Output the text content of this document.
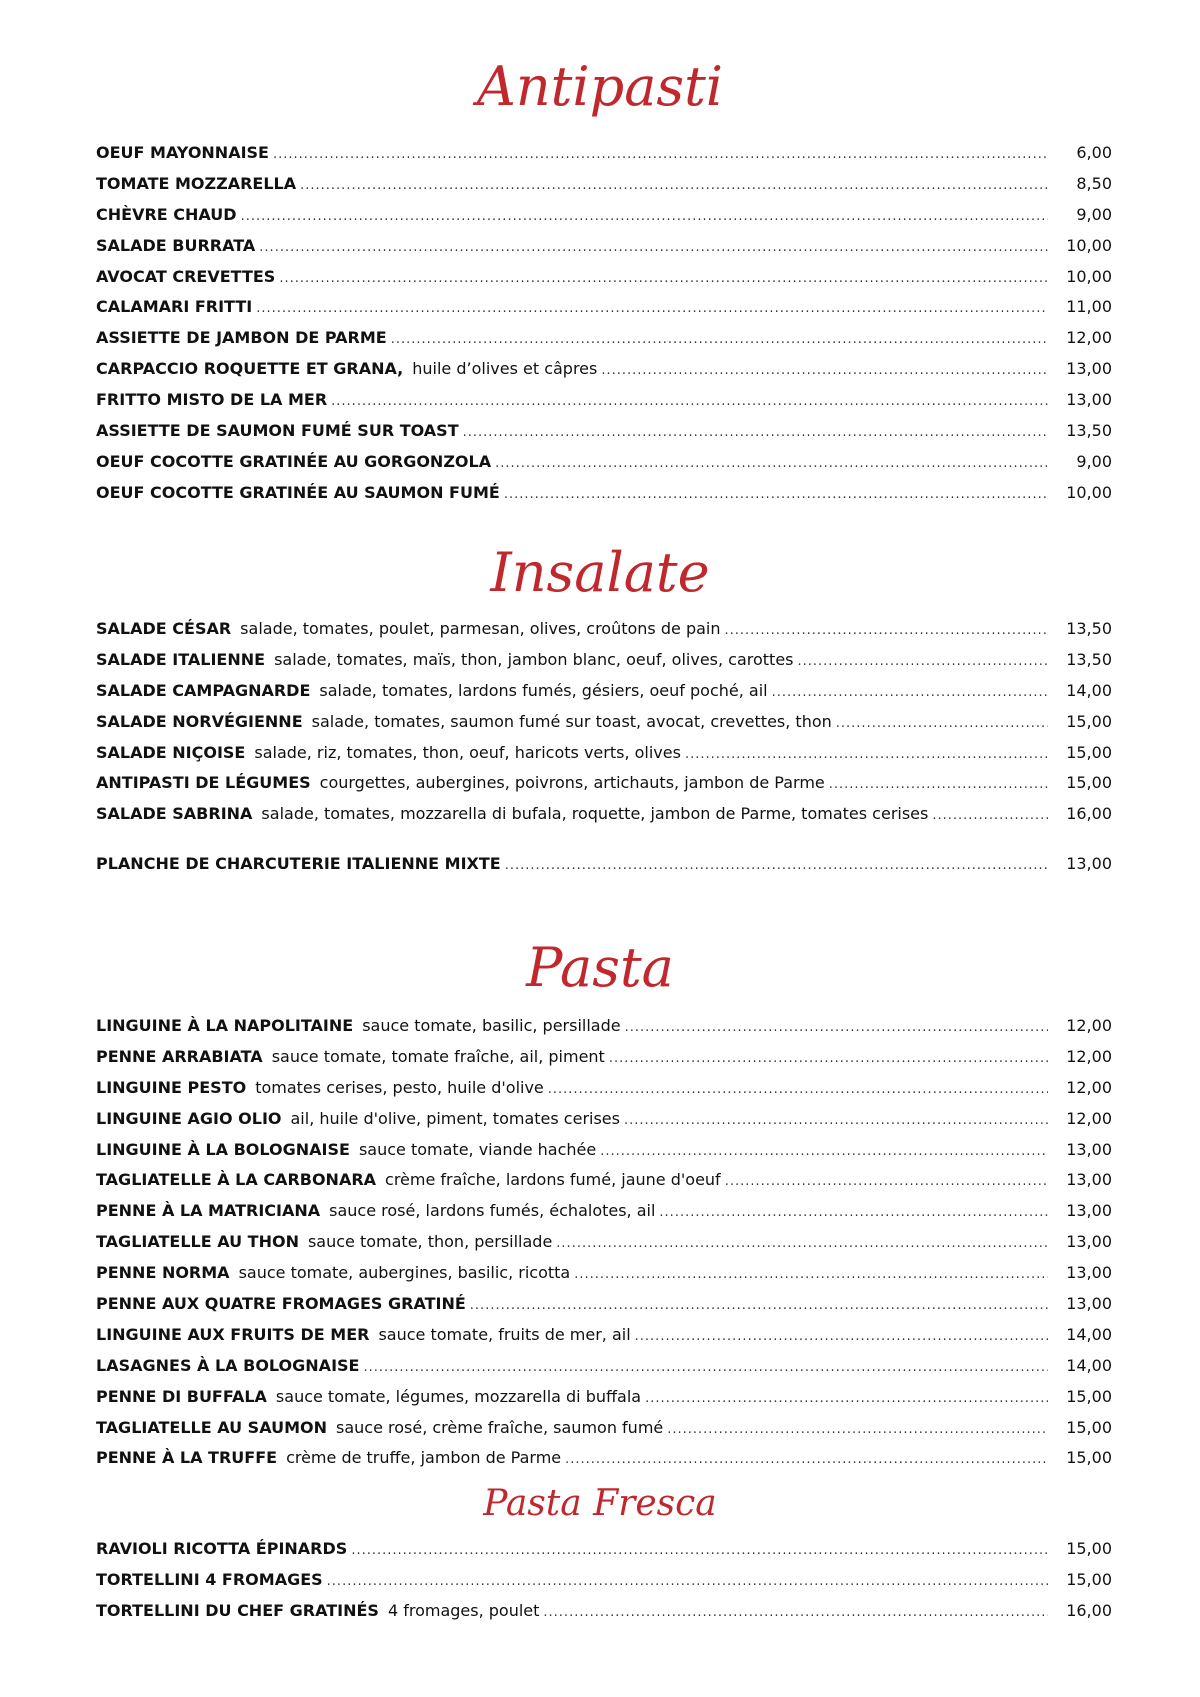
Antipasti
OEUF MAYONNAISE .....	6,00
TOMATE MOZZARELLA .....	8,50
CHÈVRE CHAUD .....	9,00
SALADE BURRATA .....	10,00
AVOCAT CREVETTES .....	10,00
CALAMARI FRITTI .....	11,00
ASSIETTE DE JAMBON DE PARME .....	12,00
CARPACCIO ROQUETTE ET GRANA, huile d’olives et câpres .....	13,00
FRITTO MISTO DE LA MER .....	13,00
ASSIETTE DE SAUMON FUMÉ SUR TOAST .....	13,50
OEUF COCOTTE GRATINÉE AU GORGONZOLA .....	9,00
OEUF COCOTTE GRATINÉE AU SAUMON FUMÉ .....	10,00
Insalate
SALADE CÉSAR salade, tomates, poulet, parmesan, olives, croûtons de pain .....	13,50
SALADE ITALIENNE salade, tomates, maïs, thon, jambon blanc, oeuf, olives, carottes .....	13,50
SALADE CAMPAGNARDE salade, tomates, lardons fumés, gésiers, oeuf poché, ail .....	14,00
SALADE NORVÉGIENNE salade, tomates, saumon fumé sur toast, avocat, crevettes, thon .....	15,00
SALADE NIÇOISE salade, riz, tomates, thon, oeuf, haricots verts, olives .....	15,00
ANTIPASTI DE LÉGUMES courgettes, aubergines, poivrons, artichauts, jambon de Parme .....	15,00
SALADE SABRINA salade, tomates, mozzarella di bufala, roquette, jambon de Parme, tomates cerises .....	16,00
PLANCHE DE CHARCUTERIE ITALIENNE MIXTE .....	13,00
Pasta
LINGUINE À LA NAPOLITAINE sauce tomate, basilic, persillade .....	12,00
PENNE ARRABIATA sauce tomate, tomate fraîche, ail, piment .....	12,00
LINGUINE PESTO tomates cerises, pesto, huile d'olive .....	12,00
LINGUINE AGIO OLIO ail, huile d'olive, piment, tomates cerises .....	12,00
LINGUINE À LA BOLOGNAISE sauce tomate, viande hachée .....	13,00
TAGLIATELLE À LA CARBONARA crème fraîche, lardons fumé, jaune d'oeuf .....	13,00
PENNE À LA MATRICIANA sauce rosé, lardons fumés, échalotes, ail .....	13,00
TAGLIATELLE AU THON sauce tomate, thon, persillade .....	13,00
PENNE NORMA sauce tomate, aubergines, basilic, ricotta .....	13,00
PENNE AUX QUATRE FROMAGES GRATINÉ .....	13,00
LINGUINE AUX FRUITS DE MER sauce tomate, fruits de mer, ail .....	14,00
LASAGNES À LA BOLOGNAISE .....	14,00
PENNE DI BUFFALA sauce tomate, légumes, mozzarella di buffala .....	15,00
TAGLIATELLE AU SAUMON sauce rosé, crème fraîche, saumon fumé .....	15,00
PENNE À LA TRUFFE crème de truffe, jambon de Parme .....	15,00
Pasta Fresca
RAVIOLI RICOTTA ÉPINARDS .....	15,00
TORTELLINI 4 FROMAGES .....	15,00
TORTELLINI DU CHEF GRATINÉS 4 fromages, poulet .....	16,00
